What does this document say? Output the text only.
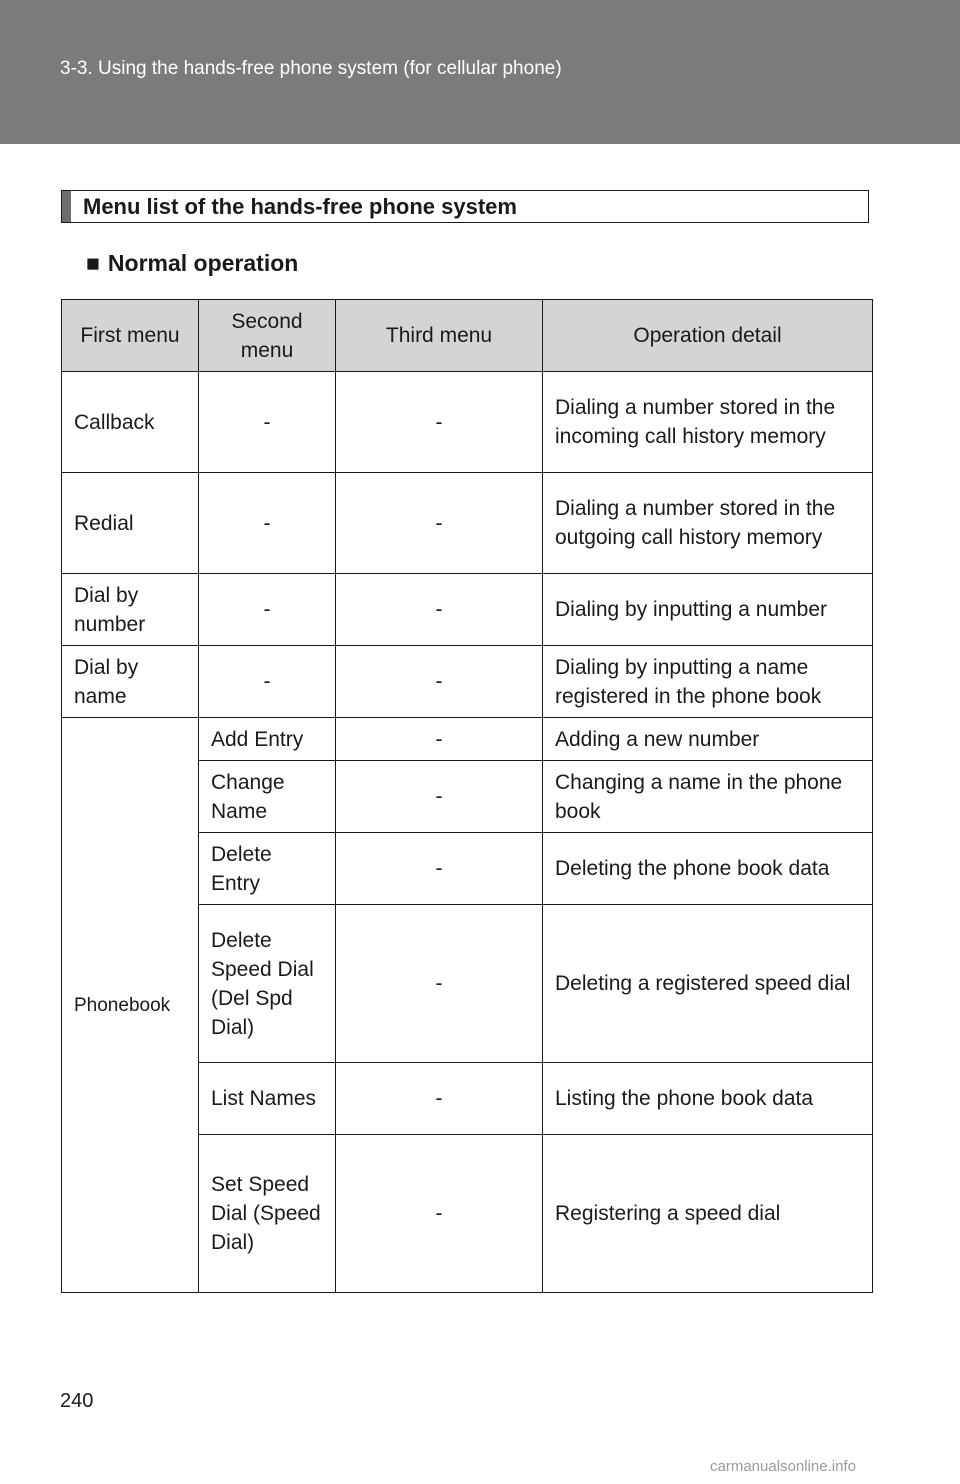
3-3. Using the hands-free phone system (for cellular phone)
Menu list of the hands-free phone system
■ Normal operation
First menu	Second menu	Third menu	Operation detail
Callback	-	-	Dialing a number stored in the incoming call history memory
Redial	-	-	Dialing a number stored in the outgoing call history memory
Dial by number	-	-	Dialing by inputting a number
Dial by name	-	-	Dialing by inputting a name registered in the phone book
Phonebook	Add Entry	-	Adding a new number
	Change Name	-	Changing a name in the phone book
	Delete Entry	-	Deleting the phone book data
	Delete Speed Dial (Del Spd Dial)	-	Deleting a registered speed dial
	List Names	-	Listing the phone book data
	Set Speed Dial (Speed Dial)	-	Registering a speed dial
240
carmanualsonline.info
